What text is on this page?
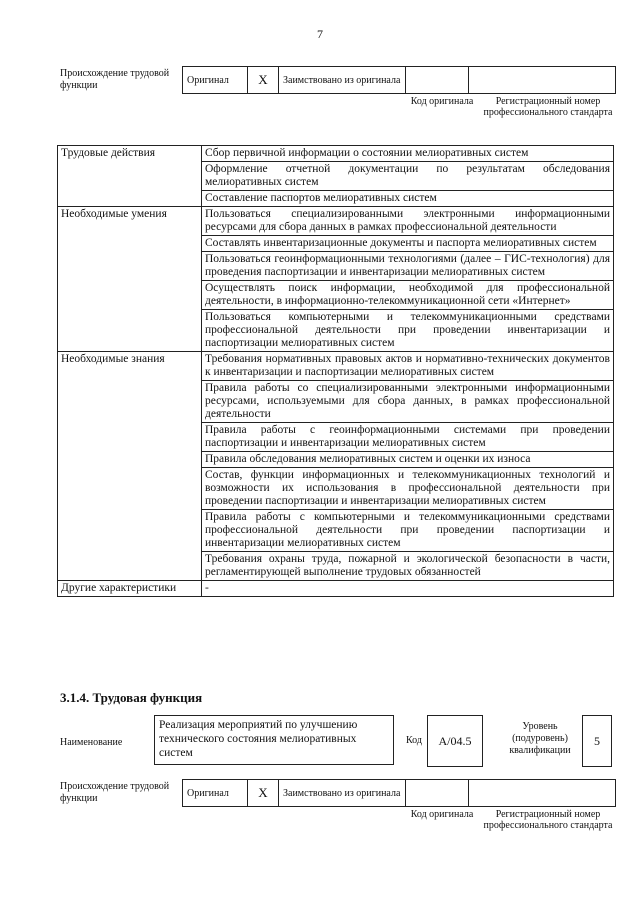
7
Происхождение трудовой функции	Оригинал	X	Заимствовано из оригинала		
Код оригинала	Регистрационный номер профессионального стандарта
Трудовые действия	Сбор первичной информации о состоянии мелиоративных систем
	Оформление отчетной документации по результатам обследования мелиоративных систем
	Составление паспортов мелиоративных систем
Необходимые умения	Пользоваться специализированными электронными информационными ресурсами для сбора данных в рамках профессиональной деятельности
	Составлять инвентаризационные документы и паспорта мелиоративных систем
	Пользоваться геоинформационными технологиями (далее – ГИС-технология) для проведения паспортизации и инвентаризации мелиоративных систем
	Осуществлять поиск информации, необходимой для профессиональной деятельности, в информационно-телекоммуникационной сети «Интернет»
	Пользоваться компьютерными и телекоммуникационными средствами профессиональной деятельности при проведении инвентаризации и паспортизации мелиоративных систем
Необходимые знания	Требования нормативных правовых актов и нормативно-технических документов к инвентаризации и паспортизации мелиоративных систем
	Правила работы со специализированными электронными информационными ресурсами, используемыми для сбора данных, в рамках профессиональной деятельности
	Правила работы с геоинформационными системами при проведении паспортизации и инвентаризации мелиоративных систем
	Правила обследования мелиоративных систем и оценки их износа
	Состав, функции информационных и телекоммуникационных технологий и возможности их использования в профессиональной деятельности при проведении паспортизации и инвентаризации мелиоративных систем
	Правила работы с компьютерными и телекоммуникационными средствами профессиональной деятельности при проведении паспортизации и инвентаризации мелиоративных систем
	Требования охраны труда, пожарной и экологической безопасности в части, регламентирующей выполнение трудовых обязанностей
Другие характеристики	-
3.1.4. Трудовая функция
Наименование
Реализация мероприятий по улучшению технического состояния мелиоративных систем
Код	А/04.5
Уровень (подуровень) квалификации
5
Происхождение трудовой функции	Оригинал	X	Заимствовано из оригинала		
Код оригинала	Регистрационный номер профессионального стандарта
